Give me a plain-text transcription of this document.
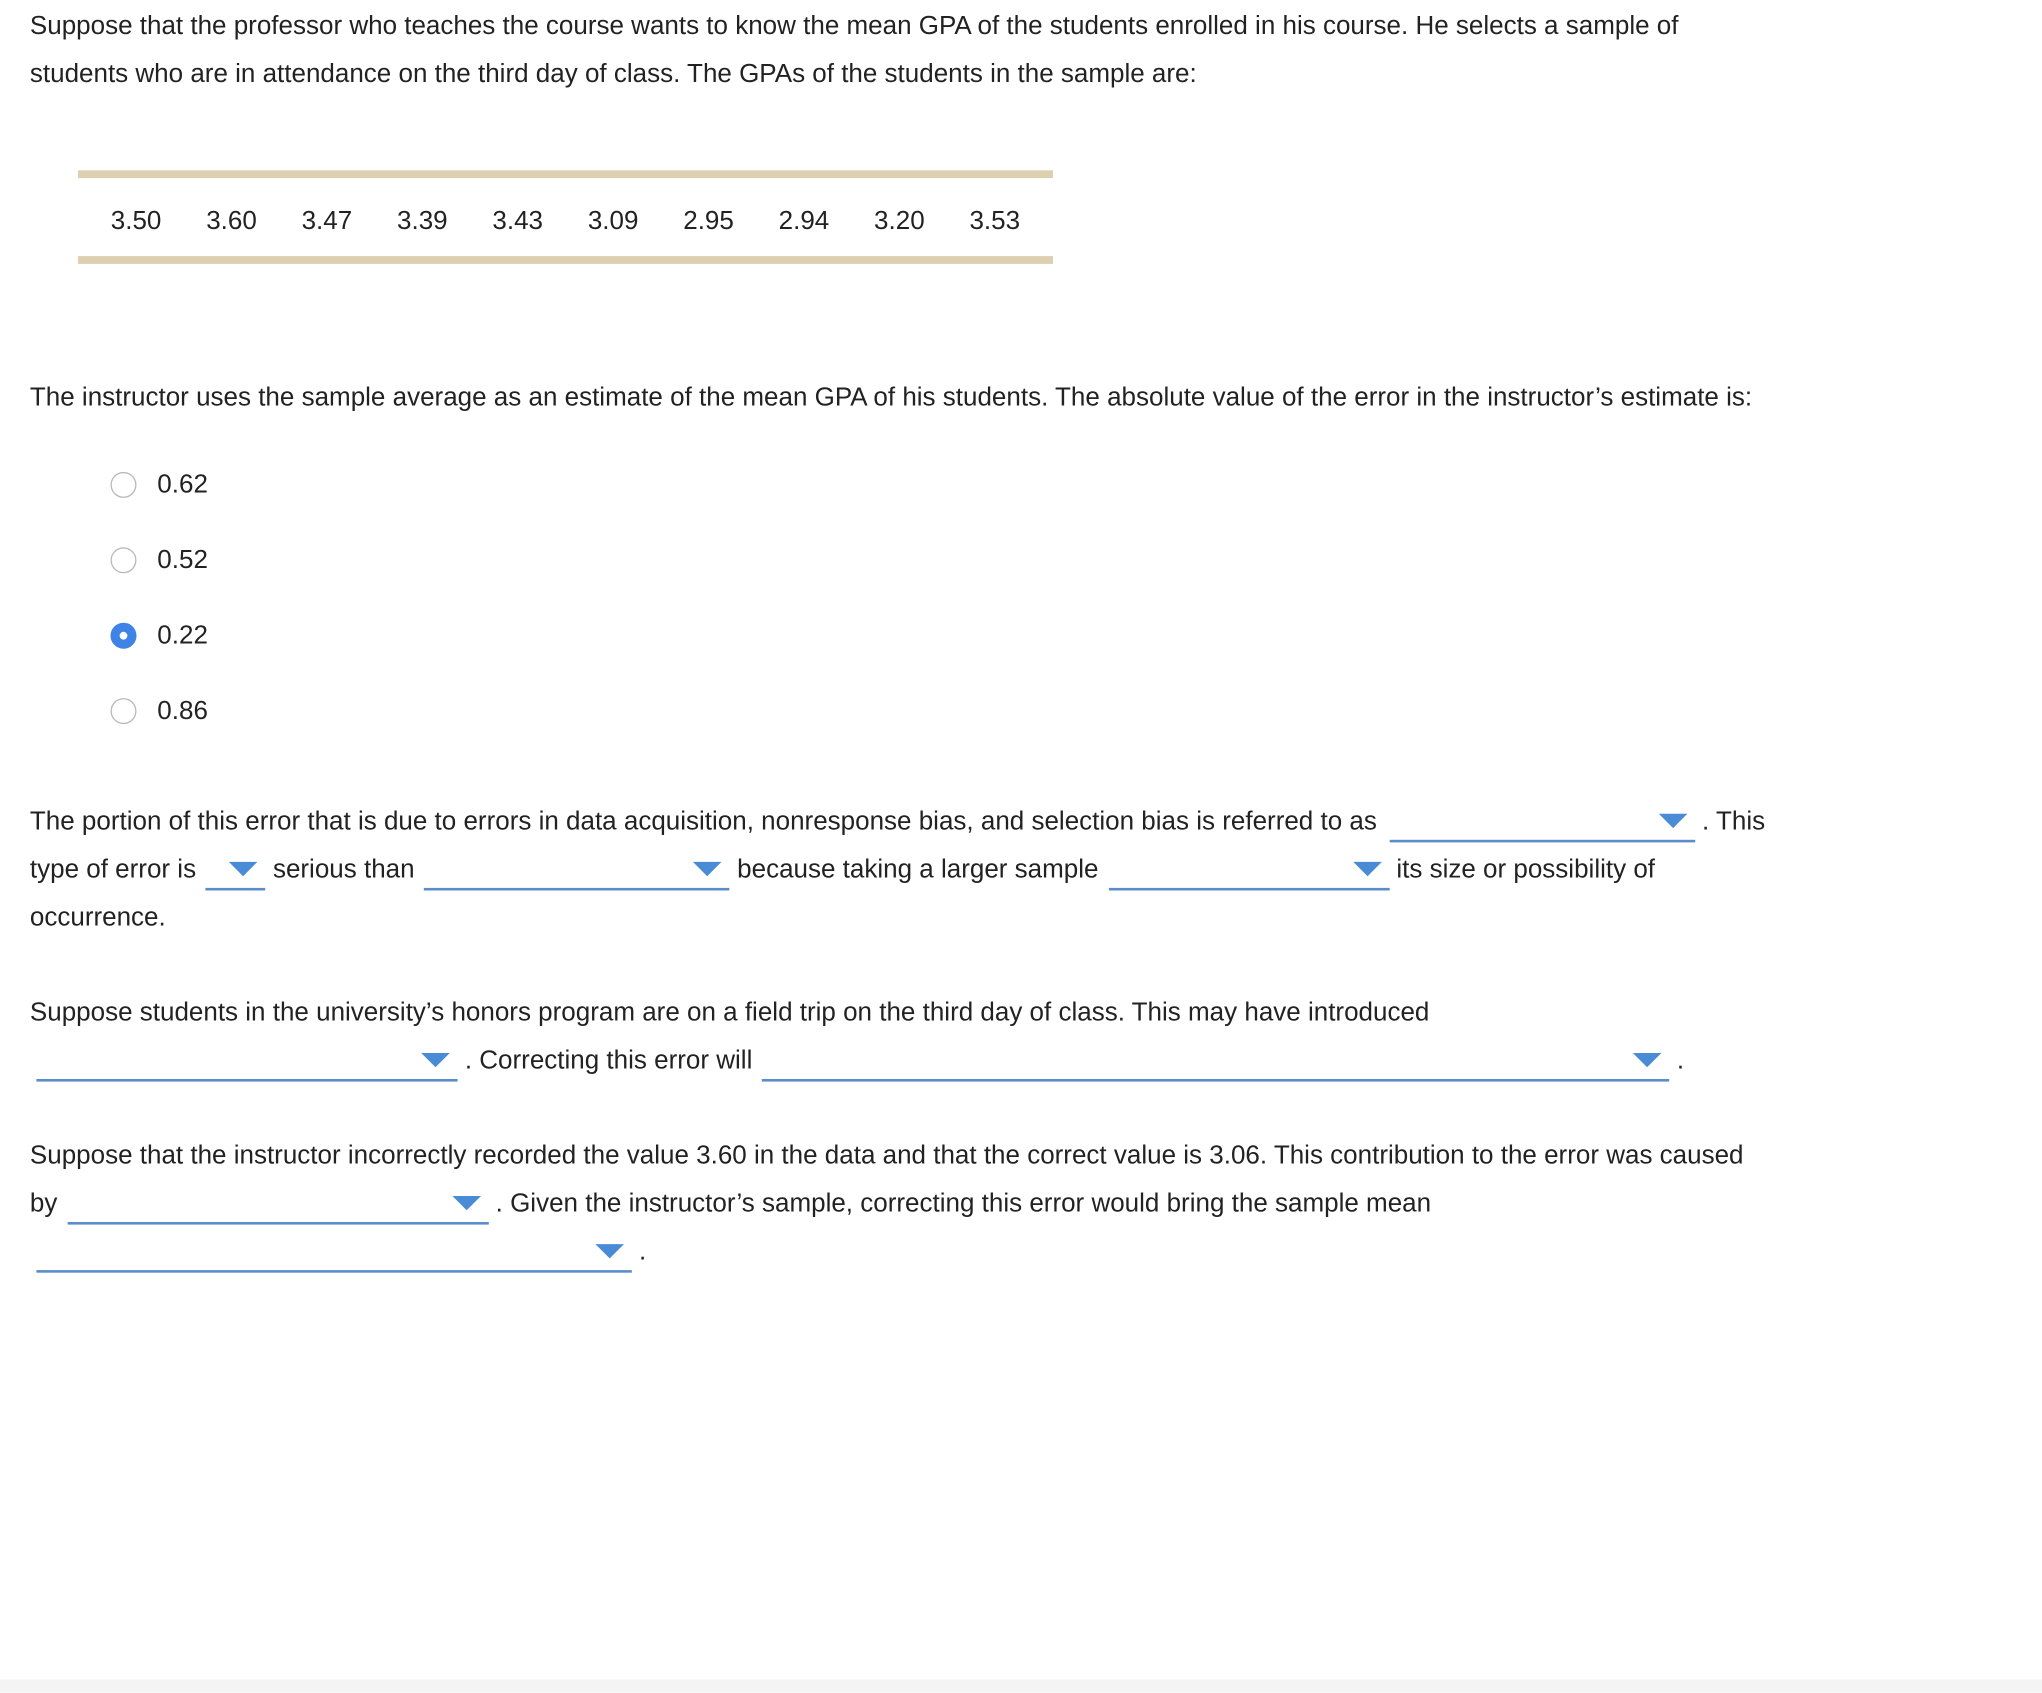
Suppose that the professor who teaches the course wants to know the mean GPA of the students enrolled in his course. He selects a sample of
students who are in attendance on the third day of class. The GPAs of the students in the sample are:
3.50 3.60 3.47 3.39 3.43 3.09 2.95 2.94 3.20 3.53
The instructor uses the sample average as an estimate of the mean GPA of his students. The absolute value of the error in the instructor’s estimate is:
0.62
0.52
0.22
0.86
The portion of this error that is due to errors in data acquisition, nonresponse bias, and selection bias is referred to as	. This
type of error is	serious than	because taking a larger sample	its size or possibility of
occurrence.
Suppose students in the university’s honors program are on a field trip on the third day of class. This may have introduced
. Correcting this error will	.
Suppose that the instructor incorrectly recorded the value 3.60 in the data and that the correct value is 3.06. This contribution to the error was caused
by	. Given the instructor’s sample, correcting this error would bring the sample mean
.
